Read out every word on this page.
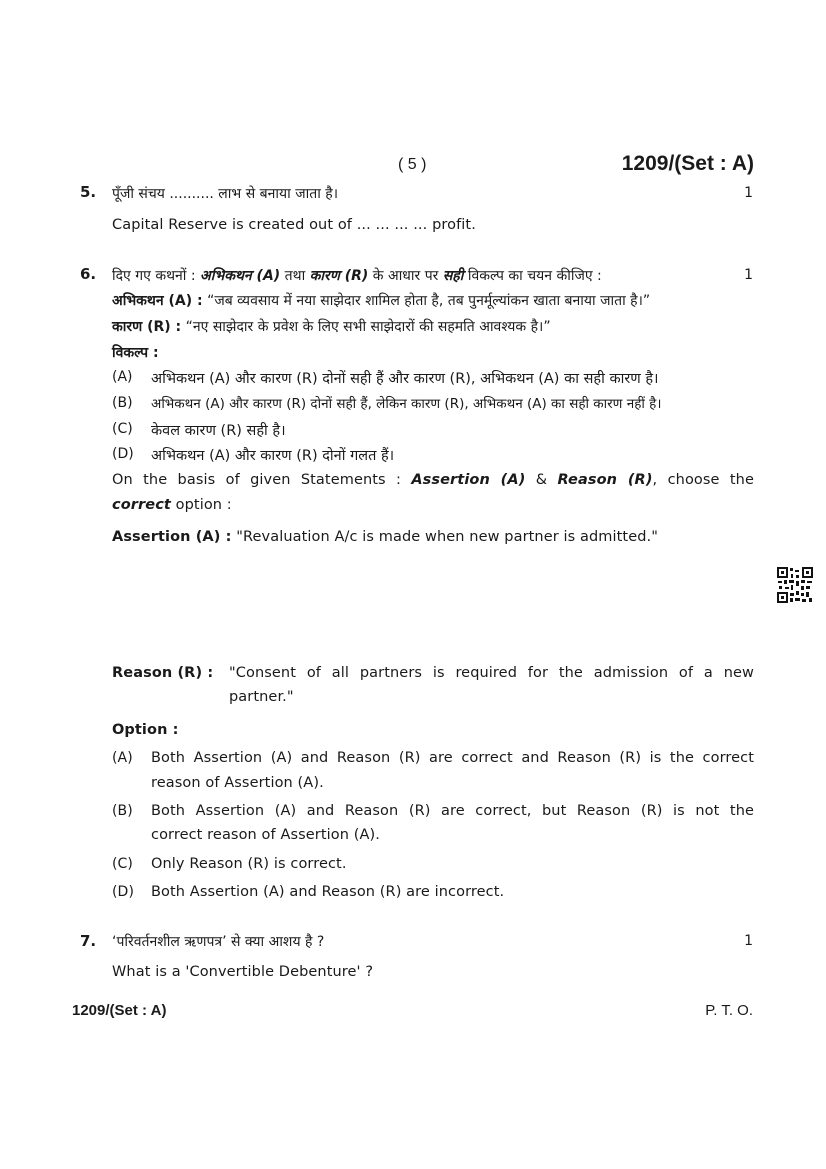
( 5 )	1209/(Set : A)
5. पूँजी संचय .......... लाभ से बनाया जाता है।	1
Capital Reserve is created out of ... ... ... ... profit.
6. दिए गए कथनों : अभिकथन (A) तथा कारण (R) के आधार पर सही विकल्प का चयन कीजिए :	1
अभिकथन (A) : “जब व्यवसाय में नया साझेदार शामिल होता है, तब पुनर्मूल्यांकन खाता बनाया जाता है।”
कारण (R) : “नए साझेदार के प्रवेश के लिए सभी साझेदारों की सहमति आवश्यक है।”
विकल्प :
(A) अभिकथन (A) और कारण (R) दोनों सही हैं और कारण (R), अभिकथन (A) का सही कारण है।
(B) अभिकथन (A) और कारण (R) दोनों सही हैं, लेकिन कारण (R), अभिकथन (A) का सही कारण नहीं है।
(C) केवल कारण (R) सही है।
(D) अभिकथन (A) और कारण (R) दोनों गलत हैं।
On the basis of given Statements : Assertion (A) & Reason (R), choose the
correct option :
Assertion (A) : "Revaluation A/c is made when new partner is admitted."
Reason (R) : "Consent of all partners is required for the admission of a new
partner."
Option :
(A) Both Assertion (A) and Reason (R) are correct and Reason (R) is the correct
reason of Assertion (A).
(B) Both Assertion (A) and Reason (R) are correct, but Reason (R) is not the
correct reason of Assertion (A).
(C) Only Reason (R) is correct.
(D) Both Assertion (A) and Reason (R) are incorrect.
7. ‘परिवर्तनशील ऋणपत्र’ से क्या आशय है ?	1
What is a 'Convertible Debenture' ?
1209/(Set : A)	P. T. O.
